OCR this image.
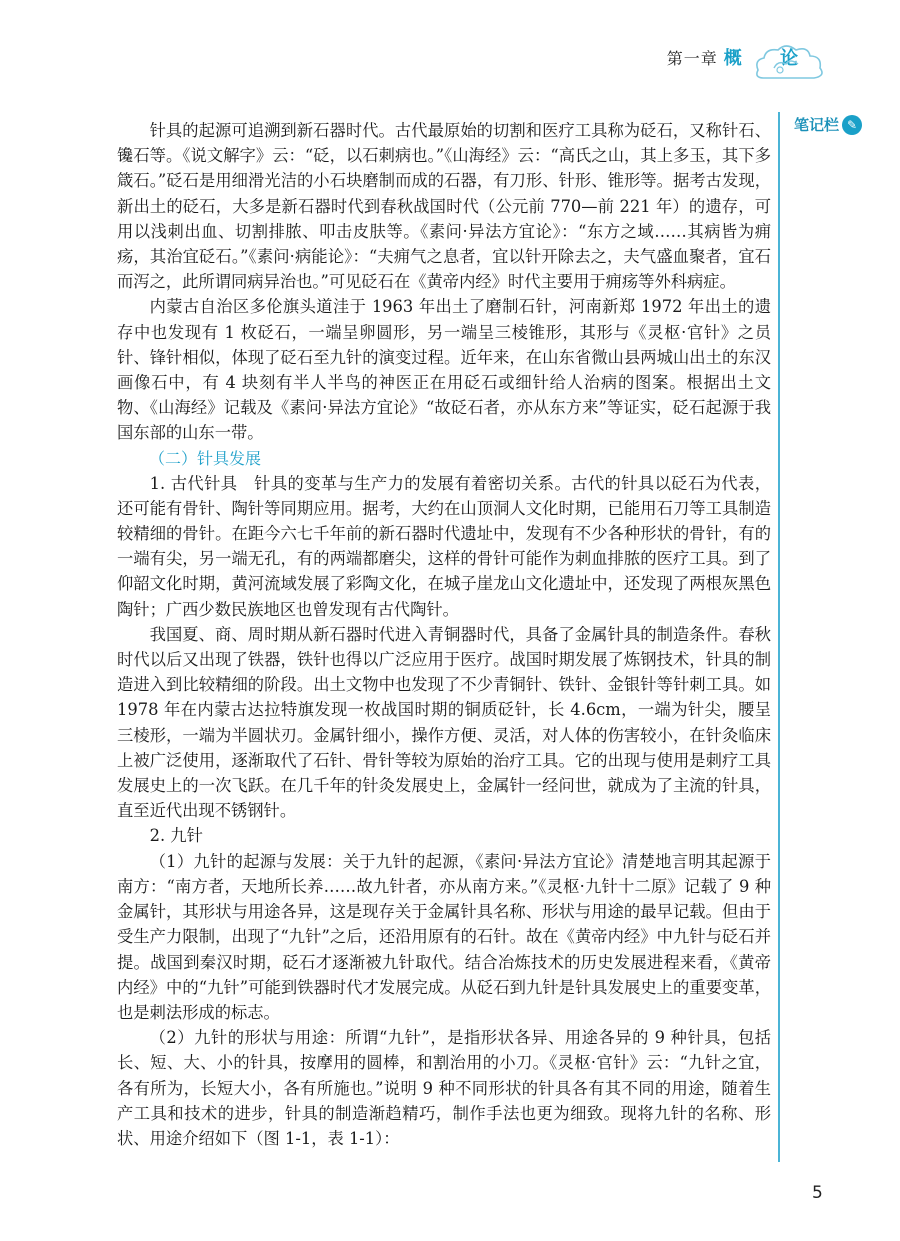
第一章 概 论
笔记栏 ✎

针具的起源可追溯到新石器时代。古代最原始的切割和医疗工具称为砭石，又称针石、镵石等。《说文解字》云：“砭，以石刺病也。”《山海经》云：“高氏之山，其上多玉，其下多箴石。”砭石是用细滑光洁的小石块磨制而成的石器，有刀形、针形、锥形等。据考古发现，新出土的砭石，大多是新石器时代到春秋战国时代（公元前 770—前 221 年）的遗存，可用以浅刺出血、切割排脓、叩击皮肤等。《素问·异法方宜论》：“东方之域……其病皆为痈疡，其治宜砭石。”《素问·病能论》：“夫痈气之息者，宜以针开除去之，夫气盛血聚者，宜石而泻之，此所谓同病异治也。”可见砭石在《黄帝内经》时代主要用于痈疡等外科病症。

内蒙古自治区多伦旗头道洼于 1963 年出土了磨制石针，河南新郑 1972 年出土的遗存中也发现有 1 枚砭石，一端呈卵圆形，另一端呈三棱锥形，其形与《灵枢·官针》之员针、锋针相似，体现了砭石至九针的演变过程。近年来，在山东省微山县两城山出土的东汉画像石中，有 4 块刻有半人半鸟的神医正在用砭石或细针给人治病的图案。根据出土文物、《山海经》记载及《素问·异法方宜论》“故砭石者，亦从东方来”等证实，砭石起源于我国东部的山东一带。

（二）针具发展

1. 古代针具　针具的变革与生产力的发展有着密切关系。古代的针具以砭石为代表，还可能有骨针、陶针等同期应用。据考，大约在山顶洞人文化时期，已能用石刀等工具制造较精细的骨针。在距今六七千年前的新石器时代遗址中，发现有不少各种形状的骨针，有的一端有尖，另一端无孔，有的两端都磨尖，这样的骨针可能作为刺血排脓的医疗工具。到了仰韶文化时期，黄河流域发展了彩陶文化，在城子崖龙山文化遗址中，还发现了两根灰黑色陶针；广西少数民族地区也曾发现有古代陶针。

我国夏、商、周时期从新石器时代进入青铜器时代，具备了金属针具的制造条件。春秋时代以后又出现了铁器，铁针也得以广泛应用于医疗。战国时期发展了炼钢技术，针具的制造进入到比较精细的阶段。出土文物中也发现了不少青铜针、铁针、金银针等针刺工具。如 1978 年在内蒙古达拉特旗发现一枚战国时期的铜质砭针，长 4.6cm，一端为针尖，腰呈三棱形，一端为半圆状刃。金属针细小，操作方便、灵活，对人体的伤害较小，在针灸临床上被广泛使用，逐渐取代了石针、骨针等较为原始的治疗工具。它的出现与使用是刺疗工具发展史上的一次飞跃。在几千年的针灸发展史上，金属针一经问世，就成为了主流的针具，直至近代出现不锈钢针。

2. 九针

（1）九针的起源与发展：关于九针的起源，《素问·异法方宜论》清楚地言明其起源于南方：“南方者，天地所长养……故九针者，亦从南方来。”《灵枢·九针十二原》记载了 9 种金属针，其形状与用途各异，这是现存关于金属针具名称、形状与用途的最早记载。但由于受生产力限制，出现了“九针”之后，还沿用原有的石针。故在《黄帝内经》中九针与砭石并提。战国到秦汉时期，砭石才逐渐被九针取代。结合冶炼技术的历史发展进程来看，《黄帝内经》中的“九针”可能到铁器时代才发展完成。从砭石到九针是针具发展史上的重要变革，也是刺法形成的标志。

（2）九针的形状与用途：所谓“九针”，是指形状各异、用途各异的 9 种针具，包括长、短、大、小的针具，按摩用的圆棒，和割治用的小刀。《灵枢·官针》云：“九针之宜，各有所为，长短大小，各有所施也。”说明 9 种不同形状的针具各有其不同的用途，随着生产工具和技术的进步，针具的制造渐趋精巧，制作手法也更为细致。现将九针的名称、形状、用途介绍如下（图 1-1，表 1-1）：

5
